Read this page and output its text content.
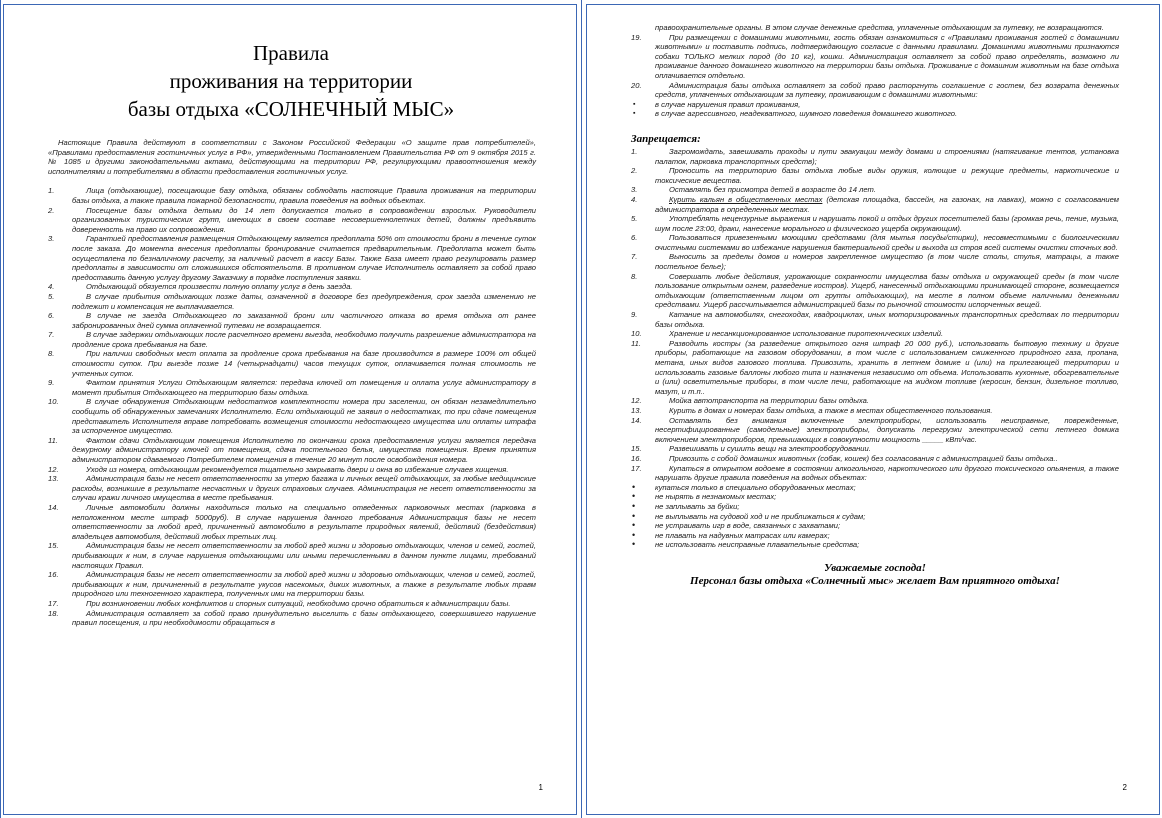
Правила
проживания на территории
базы отдыха «СОЛНЕЧНЫЙ МЫС»

Настоящие Правила действуют в соответствии с Законом Российской Федерации «О защите прав потребителей», «Правилами предоставления гостиничных услуг в РФ», утвержденными Постановлением Правительства РФ от 9 октября 2015 г. № 1085 и другими законодательными актами, действующими на территории РФ, регулирующими правоотношения между исполнителями и потребителями в области предоставления гостиничных услуг.

1.	Лица (отдыхающие), посещающие базу отдыха, обязаны соблюдать настоящие Правила проживания на территории базы отдыха, а также правила пожарной безопасности, правила поведения на водных объектах.
2.	Посещение базы отдыха детьми до 14 лет допускается только в сопровождении взрослых. Руководители организованных туристических групп, имеющих в своем составе несовершеннолетних детей, должны предъявить доверенность на право их сопровождения.
3.	Гарантией предоставления размещения Отдыхающему является предоплата 50% от стоимости брони в течение суток после заказа. До момента внесения предоплаты бронирование считается предварительным. Предоплата может быть осуществлена по безналичному расчету, за наличный расчет в кассу Базы. Также База имеет право регулировать размер предоплаты в зависимости от сложившихся обстоятельств. В противном случае Исполнитель оставляет за собой право предоставить данную услугу другому Заказчику в порядке поступления заявки.
4.	Отдыхающий обязуется произвести полную оплату услуг в день заезда.
5.	В случае прибытия отдыхающих позже даты, означенной в договоре без предупреждения, срок заезда изменению не подлежит и компенсация не выплачивается.
6.	В случае не заезда Отдыхающего по заказанной брони или частичного отказа во время отдыха от ранее забронированных дней сумма оплаченной путевки не возвращается.
7.	В случае задержки отдыхающих после расчетного времени выезда, необходимо получить разрешение администратора на продление срока пребывания на базе.
8.	При наличии свободных мест оплата за продление срока пребывания на базе производится в размере 100% от общей стоимости суток. При выезде позже 14 (четырнадцати) часов текущих суток, оплачивается полная стоимость не учтенных суток.
9.	Фактом принятия Услуги Отдыхающим является: передача ключей от помещения и оплата услуг администратору в момент прибытия Отдыхающего на территорию базы отдыха.
10.	В случае обнаружения Отдыхающим недостатков комплектности номера при заселении, он обязан незамедлительно сообщить об обнаруженных замечаниях Исполнителю. Если отдыхающий не заявил о недостатках, то при сдаче помещения представитель Исполнителя вправе потребовать возмещения стоимости недостающего имущества или оплаты штрафа за испорченное имущество.
11.	Фактом сдачи Отдыхающим помещения Исполнителю по окончании срока предоставления услуги является передача дежурному администратору ключей от помещения, сдача постельного белья, имущества помещения. Время принятия администратором сдаваемого Потребителем помещения в течение 20 минут после освобождения номера.
12.	Уходя из номера, отдыхающим рекомендуется тщательно закрывать двери и окна во избежание случаев хищения.
13.	Администрация базы не несет ответственности за утерю багажа и личных вещей отдыхающих, за любые медицинские расходы, возникшие в результате несчастных и других страховых случаев. Администрация не несет ответственности за случаи кражи личного имущества в месте пребывания.
14.	Личные автомобили должны находиться только на специально отведенных парковочных местах (парковка в неположенном месте штраф 5000руб). В случае нарушения данного требования Администрация базы не несет ответственности за любой вред, причиненный автомобилю в результате природных явлений, действий (бездействия) владельцев автомобиля, действий любых третьих лиц.
15.	Администрация базы не несет ответственности за любой вред жизни и здоровью отдыхающих, членов и семей, гостей, прибывающих к ним, в случае нарушения отдыхающими или иными перечисленными в данном пункте лицами, требований настоящих Правил.
16.	Администрация базы не несет ответственности за любой вред жизни и здоровью отдыхающих, членов и семей, гостей, прибывающих к ним, причиненный в результате укусов насекомых, диких животных, а также в результате любых травм природного или техногенного характера, полученных ими на территории базы.
17.	При возникновении любых конфликтов и спорных ситуаций, необходимо срочно обратиться к администрации базы.
18.	Администрация оставляет за собой право принудительно выселить с базы отдыхающего, совершившего нарушение правил посещения, и при необходимости обращаться в
1
правоохранительные органы. В этом случае денежные средства, уплаченные отдыхающим за путевку, не возвращаются.
19.	При размещении с домашними животными, гость обязан ознакомиться с «Правилами проживания гостей с домашними животными» и поставить подпись, подтверждающую согласие с данными правилами. Домашними животными признаются собаки ТОЛЬКО мелких пород (до 10 кг), кошки. Администрация оставляет за собой право определять, возможно ли проживание данного домашнего животного на территории базы отдыха. Проживание с домашним животным на базе отдыха оплачивается отдельно.
20.	Администрация базы отдыха оставляет за собой право расторгнуть соглашение с гостем, без возврата денежных средств, уплаченных отдыхающим за путевку, проживающим с домашними животными:
▪ в случае нарушения правил проживания,
▪ в случае агрессивного, неадекватного, шумного поведения домашнего животного.
Запрещается:
1.	Загромождать, завешивать проходы и пути эвакуации между домами и строениями (натягивание тентов, установка палаток, парковка транспортных средств);
2.	Проносить на территорию базы отдыха любые виды оружия, колющие и режущие предметы, наркотические и токсические вещества.
3.	Оставлять без присмотра детей в возрасте до 14 лет.
4.	Курить кальян в общественных местах (детская площадка, бассейн, на газонах, на лавках), можно с согласованием администратора в определенных местах.
5.	Употреблять нецензурные выражения и нарушать покой и отдых других посетителей базы (громкая речь, пение, музыка, шум после 23:00, драки, нанесение морального и физического ущерба окружающим).
6.	Пользоваться привезенными моющими средствами (для мытья посуды/стирки), несовместимыми с биологическими очистными системами во избежание нарушения бактериальной среды и выхода из строя всей системы очистки сточных вод.
7.	Выносить за пределы домов и номеров закрепленное имущество (в том числе столы, стулья, матрацы, а также постельное белье);
8.	Совершать любые действия, угрожающие сохранности имущества базы отдыха и окружающей среды (в том числе пользование открытым огнем, разведение костров). Ущерб, нанесенный отдыхающими принимающей стороне, возмещается отдыхающим (ответственным лицом от группы отдыхающих), на месте в полном объеме наличными денежными средствами. Ущерб рассчитывается администрацией базы по рыночной стоимости испорченных вещей.
9.	Катание на автомобилях, снегоходах, квадроциклах, иных моторизированных транспортных средствах по территории базы отдыха.
10.	Хранение и несанкционированное использование пиротехнических изделий.
11.	Разводить костры (за разведение открытого огня штраф 20 000 руб.), использовать бытовую технику и другие приборы, работающие на газовом оборудовании, в том числе с использованием сжиженного природного газа, пропана, метана, иных видов газового топлива. Привозить, хранить в летнем домике и (или) на прилегающей территории и использовать газовые баллоны любого типа и назначения независимо от объема. Использовать кухонные, обогревательные и (или) осветительные приборы, в том числе печи, работающие на жидком топливе (керосин, бензин, дизельное топливо, мазут, и т.п..
12.	Мойка автотранспорта на территории базы отдыха.
13.	Курить в домах и номерах базы отдыха, а также в местах общественного пользования.
14.	Оставлять без внимания включенные электроприборы, использовать неисправные, поврежденные, несертифицированные (самодельные) электроприборы, допускать перегрузки электрической сети летнего домика включением электроприборов, превышающих в совокупности мощность _____ кВт/час.
15.	Развешивать и сушить вещи на электрооборудовании.
16.	Привозить с собой домашних животных (собак, кошек) без согласования с администрацией базы отдыха..
17.	Купаться в открытом водоеме в состоянии алкогольного, наркотического или другого токсического опьянения, а также нарушать другие правила поведения на водных объектах:
• купаться только в специально оборудованных местах;
• не нырять в незнакомых местах;
• не заплывать за буйки;
• не выплывать на судовой ход и не приближаться к судам;
• не устраивать игр в воде, связанных с захватами;
• не плавать на надувных матрасах или камерах;
• не использовать неисправные плавательные средства;
Уважаемые господа!
Персонал базы отдыха «Солнечный мыс» желает Вам приятного отдыха!
2
